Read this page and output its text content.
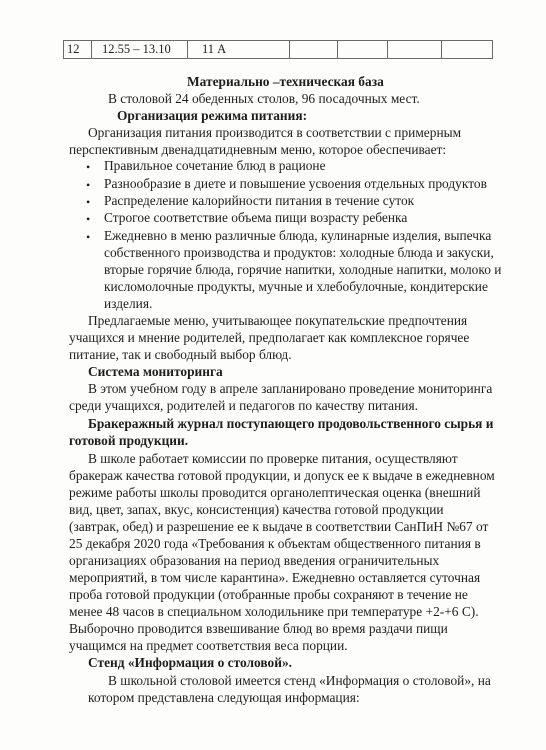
12	12.55 – 13.10	11 А
Материально –техническая база
В столовой 24 обеденных столов, 96 посадочных мест.
Организация режима питания:
Организация питания производится в соответствии с примерным
перспективным двенадцатидневным меню, которое обеспечивает:
• Правильное сочетание блюд в рационе
• Разнообразие в диете и повышение усвоения отдельных продуктов
• Распределение калорийности питания в течение суток
• Строгое соответствие объема пищи возрасту ребенка
• Ежедневно в меню различные блюда, кулинарные изделия, выпечка
собственного производства и продуктов: холодные блюда и закуски,
вторые горячие блюда, горячие напитки, холодные напитки, молоко и
кисломолочные продукты, мучные и хлебобулочные, кондитерские
изделия.
Предлагаемые меню, учитывающее покупательские предпочтения
учащихся и мнение родителей, предполагает как комплексное горячее
питание, так и свободный выбор блюд.
Система мониторинга
В этом учебном году в апреле запланировано проведение мониторинга
среди учащихся, родителей и педагогов по качеству питания.
Бракеражный журнал поступающего продовольственного сырья и
готовой продукции.
В школе работает комиссии по проверке питания, осуществляют
бракераж качества готовой продукции, и допуск ее к выдаче в ежедневном
режиме работы школы проводится органолептическая оценка (внешний
вид, цвет, запах, вкус, консистенция) качества готовой продукции
(завтрак, обед) и разрешение ее к выдаче в соответствии СанПиН №67 от
25 декабря 2020 года «Требования к объектам общественного питания в
организациях образования на период введения ограничительных
мероприятий, в том числе карантина». Ежедневно оставляется суточная
проба готовой продукции (отобранные пробы сохраняют в течение не
менее 48 часов в специальном холодильнике при температуре +2-+6 С).
Выборочно проводится взвешивание блюд во время раздачи пищи
учащимся на предмет соответствия веса порции.
Стенд «Информация о столовой».
В школьной столовой имеется стенд «Информация о столовой», на
котором представлена следующая информация:
